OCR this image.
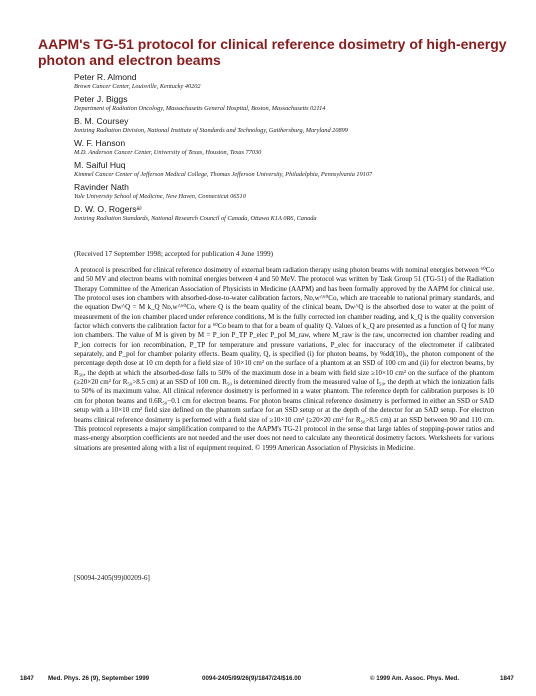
AAPM's TG-51 protocol for clinical reference dosimetry of high-energy photon and electron beams
Peter R. Almond
Brown Cancer Center, Louisville, Kentucky 40202
Peter J. Biggs
Department of Radiation Oncology, Massachusetts General Hospital, Boston, Massachusetts 02114
B. M. Coursey
Ionizing Radiation Division, National Institute of Standards and Technology, Gaithersburg, Maryland 20899
W. F. Hanson
M.D. Anderson Cancer Center, University of Texas, Houston, Texas 77030
M. Saiful Huq
Kimmel Cancer Center of Jefferson Medical College, Thomas Jefferson University, Philadelphia, Pennsylvania 19107
Ravinder Nath
Yale University School of Medicine, New Haven, Connecticut 06510
D. W. O. Rogersᵃ⁾
Ionizing Radiation Standards, National Research Council of Canada, Ottawa K1A 0R6, Canada
(Received 17 September 1998; accepted for publication 4 June 1999)

A protocol is prescribed for clinical reference dosimetry of external beam radiation therapy using photon beams with nominal energies between ⁶⁰Co and 50 MV and electron beams with nominal energies between 4 and 50 MeV. The protocol was written by Task Group 51 (TG-51) of the Radiation Therapy Committee of the American Association of Physicists in Medicine (AAPM) and has been formally approved by the AAPM for clinical use. The protocol uses ion chambers with absorbed-dose-to-water calibration factors, Nᴅ,ᴡ^⁶⁰Co, which are traceable to national primary standards, and the equation Dᴡ^Q = M k_Q Nᴅ,ᴡ^⁶⁰Co, where Q is the beam quality of the clinical beam, Dᴡ^Q is the absorbed dose to water at the point of measurement of the ion chamber placed under reference conditions, M is the fully corrected ion chamber reading, and k_Q is the quality conversion factor which converts the calibration factor for a ⁶⁰Co beam to that for a beam of quality Q. Values of k_Q are presented as a function of Q for many ion chambers. The value of M is given by M = P_ion P_TP P_elec P_pol M_raw, where M_raw is the raw, uncorrected ion chamber reading and P_ion corrects for ion recombination, P_TP for temperature and pressure variations, P_elec for inaccuracy of the electrometer if calibrated separately, and P_pol for chamber polarity effects. Beam quality, Q, is specified (i) for photon beams, by %dd(10)ₓ, the photon component of the percentage depth dose at 10 cm depth for a field size of 10×10 cm² on the surface of a phantom at an SSD of 100 cm and (ii) for electron beams, by R₅₀, the depth at which the absorbed-dose falls to 50% of the maximum dose in a beam with field size ≥10×10 cm² on the surface of the phantom (≥20×20 cm² for R₅₀>8.5 cm) at an SSD of 100 cm. R₅₀ is determined directly from the measured value of I₅₀, the depth at which the ionization falls to 50% of its maximum value. All clinical reference dosimetry is performed in a water phantom. The reference depth for calibration purposes is 10 cm for photon beams and 0.6R₅₀−0.1 cm for electron beams. For photon beams clinical reference dosimetry is performed in either an SSD or SAD setup with a 10×10 cm² field size defined on the phantom surface for an SSD setup or at the depth of the detector for an SAD setup. For electron beams clinical reference dosimetry is performed with a field size of ≥10×10 cm² (≥20×20 cm² for R₅₀>8.5 cm) at an SSD between 90 and 110 cm. This protocol represents a major simplification compared to the AAPM's TG-21 protocol in the sense that large tables of stopping-power ratios and mass-energy absorption coefficients are not needed and the user does not need to calculate any theoretical dosimetry factors. Worksheets for various situations are presented along with a list of equipment required. © 1999 American Association of Physicists in Medicine.

[S0094-2405(99)00209-6]
1847 Med. Phys. 26 (9), September 1999	0094-2405/99/26(9)/1847/24/$16.00	© 1999 Am. Assoc. Phys. Med.	1847
